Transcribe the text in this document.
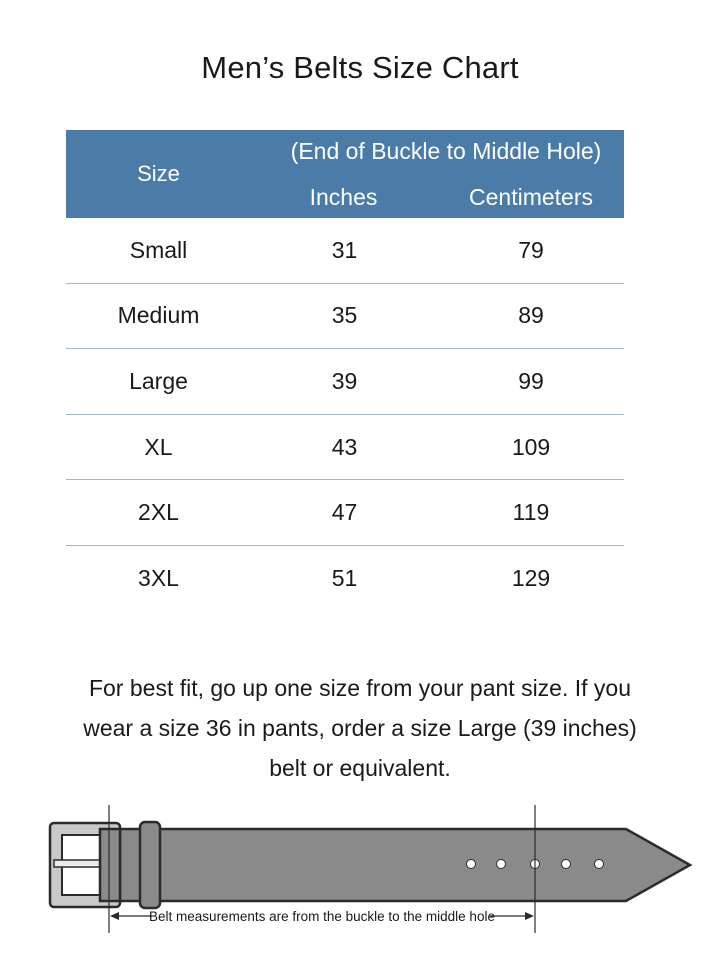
Men’s Belts Size Chart
Size
(End of Buckle to Middle Hole)
Inches	Centimeters
Small	31	79
Medium	35	89
Large	39	99
XL	43	109
2XL	47	119
3XL	51	129
For best fit, go up one size from your pant size. If you
wear a size 36 in pants, order a size Large (39 inches)
belt or equivalent.
Belt measurements are from the buckle to the middle hole
